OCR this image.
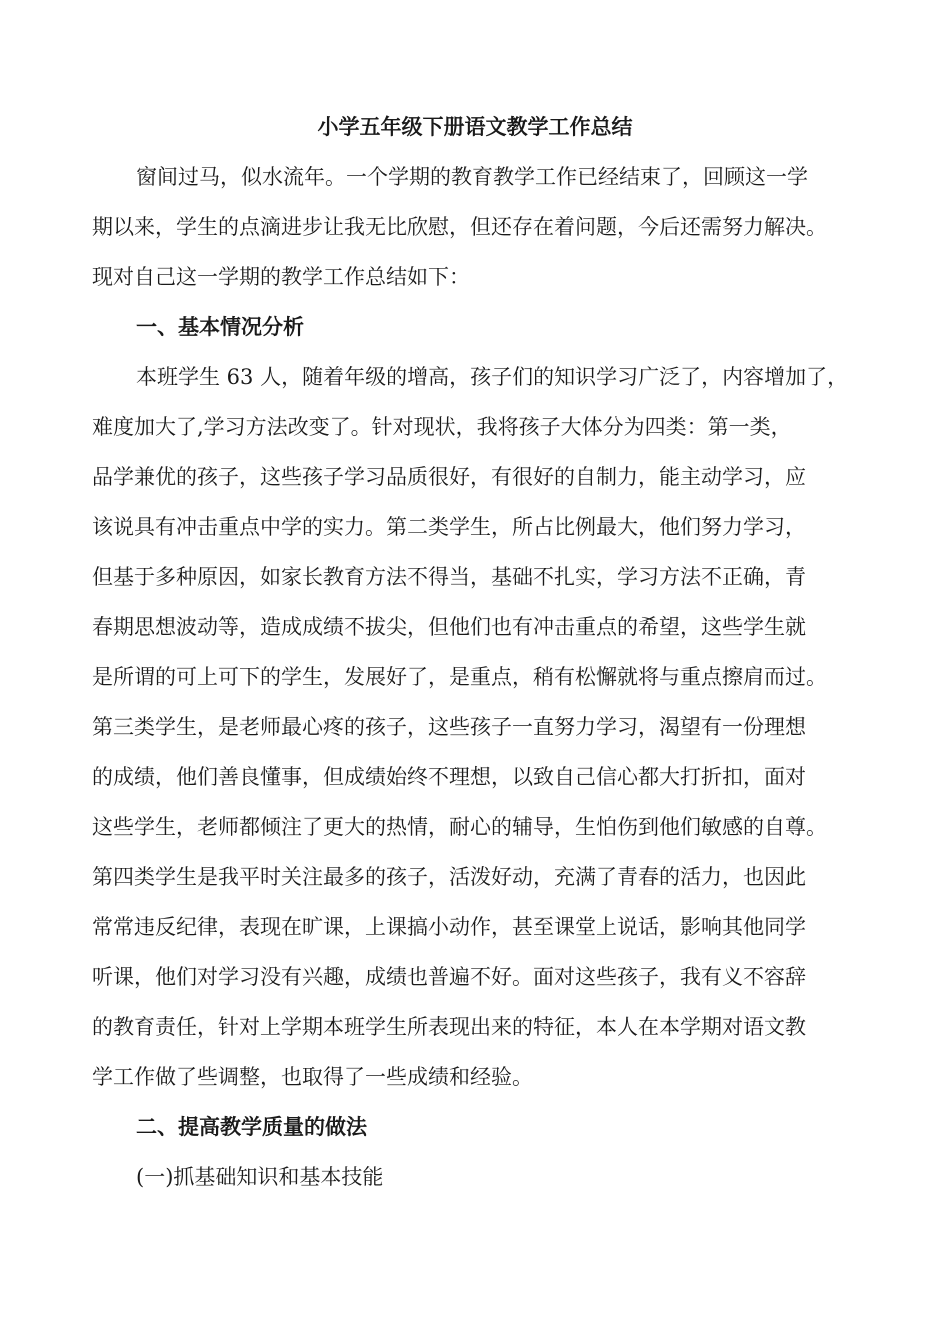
小学五年级下册语文教学工作总结
窗间过马，似水流年。一个学期的教育教学工作已经结束了，回顾这一学
期以来，学生的点滴进步让我无比欣慰，但还存在着问题，今后还需努力解决。
现对自己这一学期的教学工作总结如下：
一、基本情况分析
本班学生 63 人，随着年级的增高，孩子们的知识学习广泛了，内容增加了，
难度加大了,学习方法改变了。针对现状，我将孩子大体分为四类：第一类，
品学兼优的孩子，这些孩子学习品质很好，有很好的自制力，能主动学习，应
该说具有冲击重点中学的实力。第二类学生，所占比例最大，他们努力学习，
但基于多种原因，如家长教育方法不得当，基础不扎实，学习方法不正确，青
春期思想波动等，造成成绩不拔尖，但他们也有冲击重点的希望，这些学生就
是所谓的可上可下的学生，发展好了，是重点，稍有松懈就将与重点擦肩而过。
第三类学生，是老师最心疼的孩子，这些孩子一直努力学习，渴望有一份理想
的成绩，他们善良懂事，但成绩始终不理想，以致自己信心都大打折扣，面对
这些学生，老师都倾注了更大的热情，耐心的辅导，生怕伤到他们敏感的自尊。
第四类学生是我平时关注最多的孩子，活泼好动，充满了青春的活力，也因此
常常违反纪律，表现在旷课，上课搞小动作，甚至课堂上说话，影响其他同学
听课，他们对学习没有兴趣，成绩也普遍不好。面对这些孩子，我有义不容辞
的教育责任，针对上学期本班学生所表现出来的特征，本人在本学期对语文教
学工作做了些调整，也取得了一些成绩和经验。
二、提高教学质量的做法
(一)抓基础知识和基本技能
